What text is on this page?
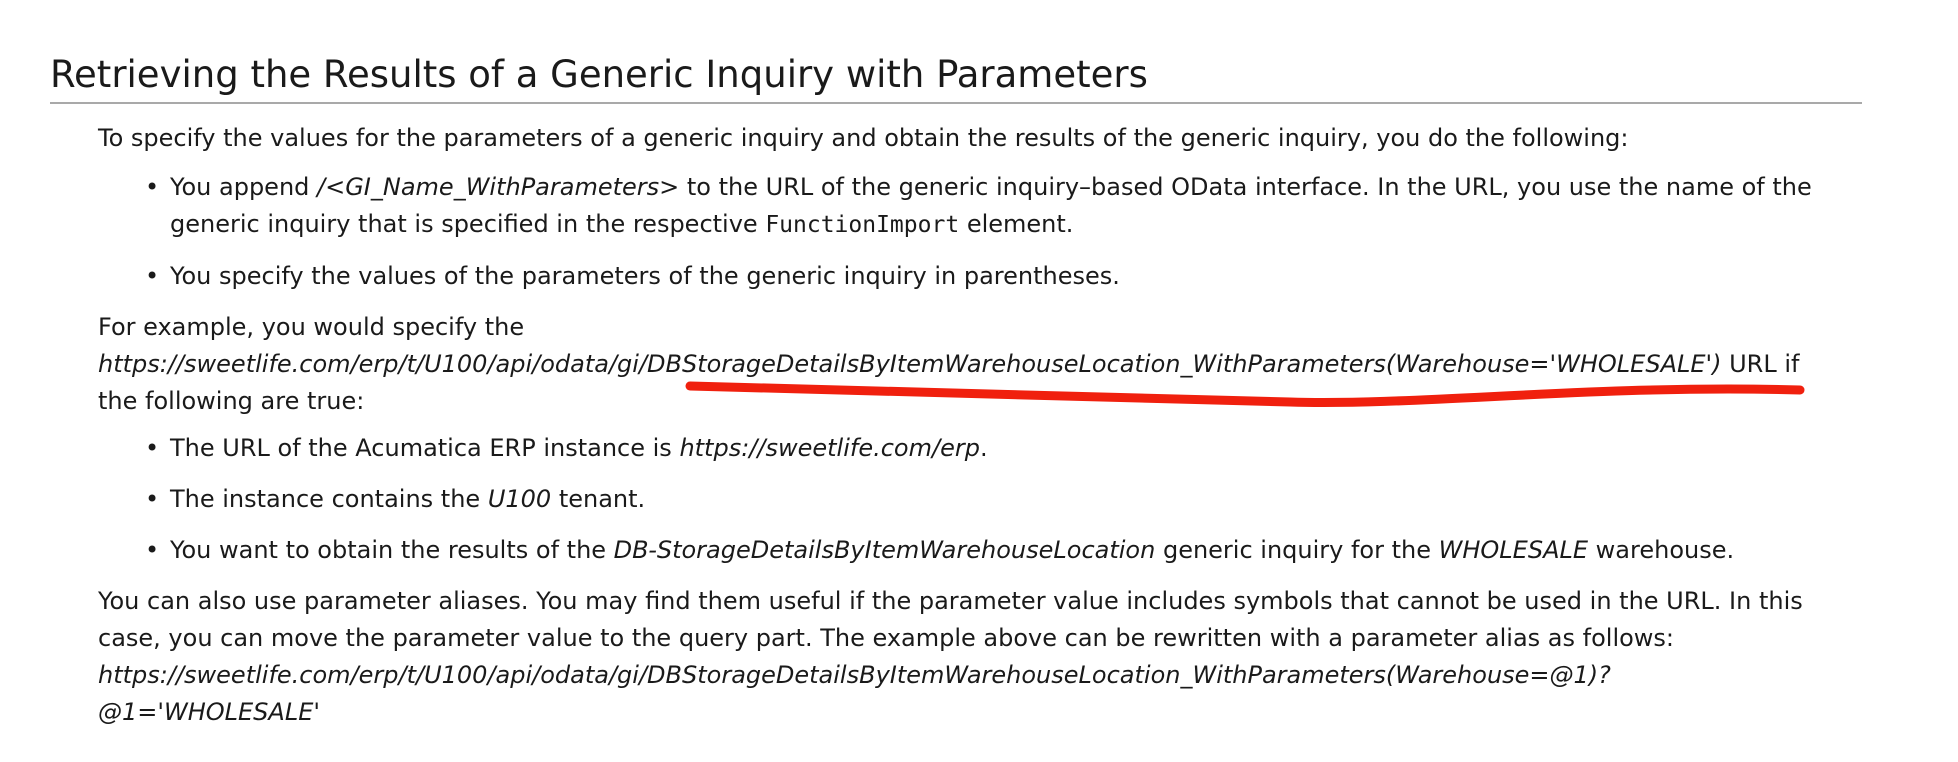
Retrieving the Results of a Generic Inquiry with Parameters

To specify the values for the parameters of a generic inquiry and obtain the results of the generic inquiry, you do the following:

• You append /<GI_Name_WithParameters> to the URL of the generic inquiry–based OData interface. In the URL, you use the name of the generic inquiry that is specified in the respective FunctionImport element.
• You specify the values of the parameters of the generic inquiry in parentheses.

For example, you would specify the
https://sweetlife.com/erp/t/U100/api/odata/gi/DBStorageDetailsByItemWarehouseLocation_WithParameters(Warehouse='WHOLESALE') URL if
the following are true:

• The URL of the Acumatica ERP instance is https://sweetlife.com/erp.
• The instance contains the U100 tenant.
• You want to obtain the results of the DB-StorageDetailsByItemWarehouseLocation generic inquiry for the WHOLESALE warehouse.

You can also use parameter aliases. You may find them useful if the parameter value includes symbols that cannot be used in the URL. In this case, you can move the parameter value to the query part. The example above can be rewritten with a parameter alias as follows:
https://sweetlife.com/erp/t/U100/api/odata/gi/DBStorageDetailsByItemWarehouseLocation_WithParameters(Warehouse=@1)?
@1='WHOLESALE'
